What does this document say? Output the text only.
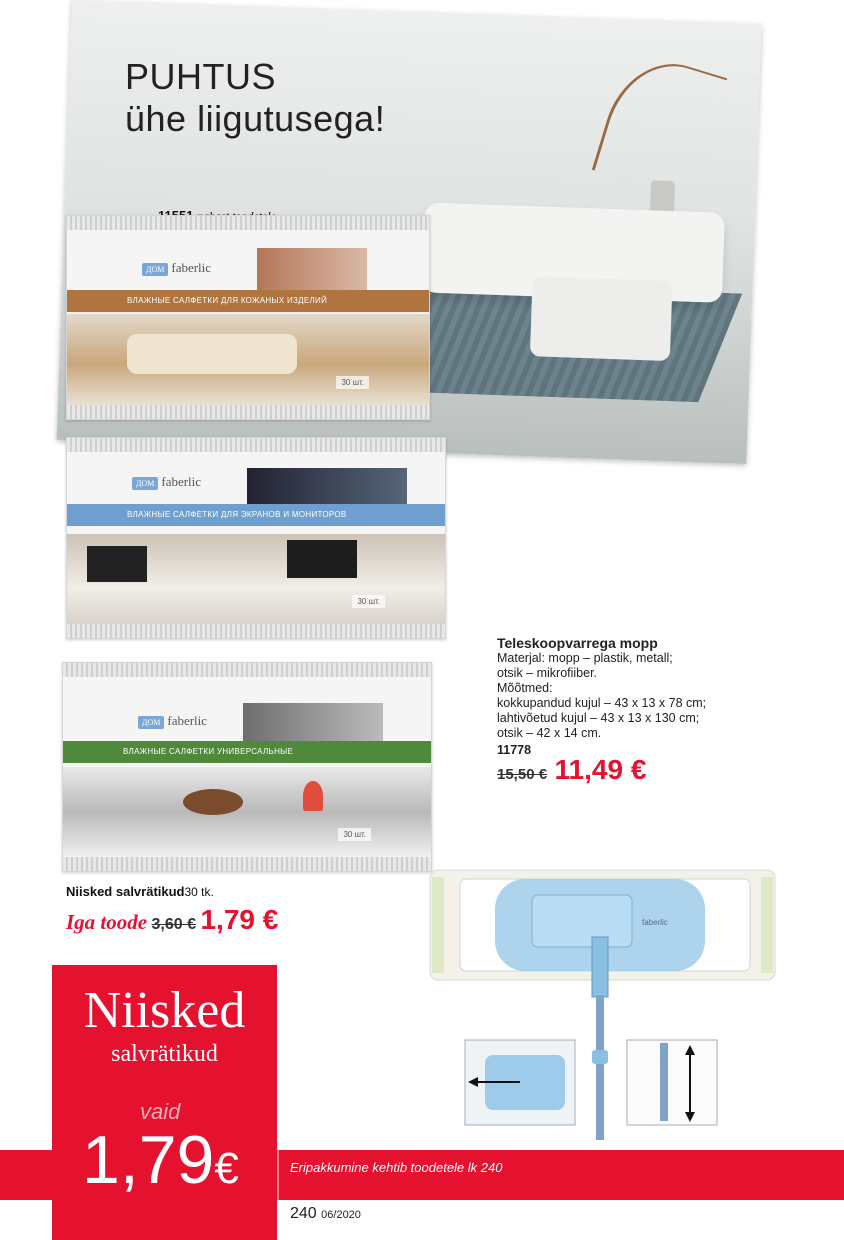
PUHTUS
ühe liigutusega!
ДОМ faberlic
ВЛАЖНЫЕ САЛФЕТКИ ДЛЯ КОЖАНЫХ ИЗДЕЛИЙ
30 шт.
ДОМ faberlic
ВЛАЖНЫЕ САЛФЕТКИ ДЛЯ ЭКРАНОВ И МОНИТОРОВ
30 шт.
ДОМ faberlic
ВЛАЖНЫЕ САЛФЕТКИ УНИВЕРСАЛЬНЫЕ
30 шт.
Niisked salvrätikud30 tk.
Iga toode 3,60 € 1,79 €
Teleskoopvarrega mopp
Materjal: mopp – plastik, metall;
otsik – mikrofiiber.
Mõõtmed:
kokkupandud kujul – 43 x 13 x 78 cm;
lahtivõetud kujul – 43 x 13 x 130 cm;
otsik – 42 x 14 cm.
11778
15,50 € 11,49 €
faberlic
Eripakkumine kehtib toodetele lk 240
Niisked
salvrätikud
vaid
1,79€
240 06/2020
